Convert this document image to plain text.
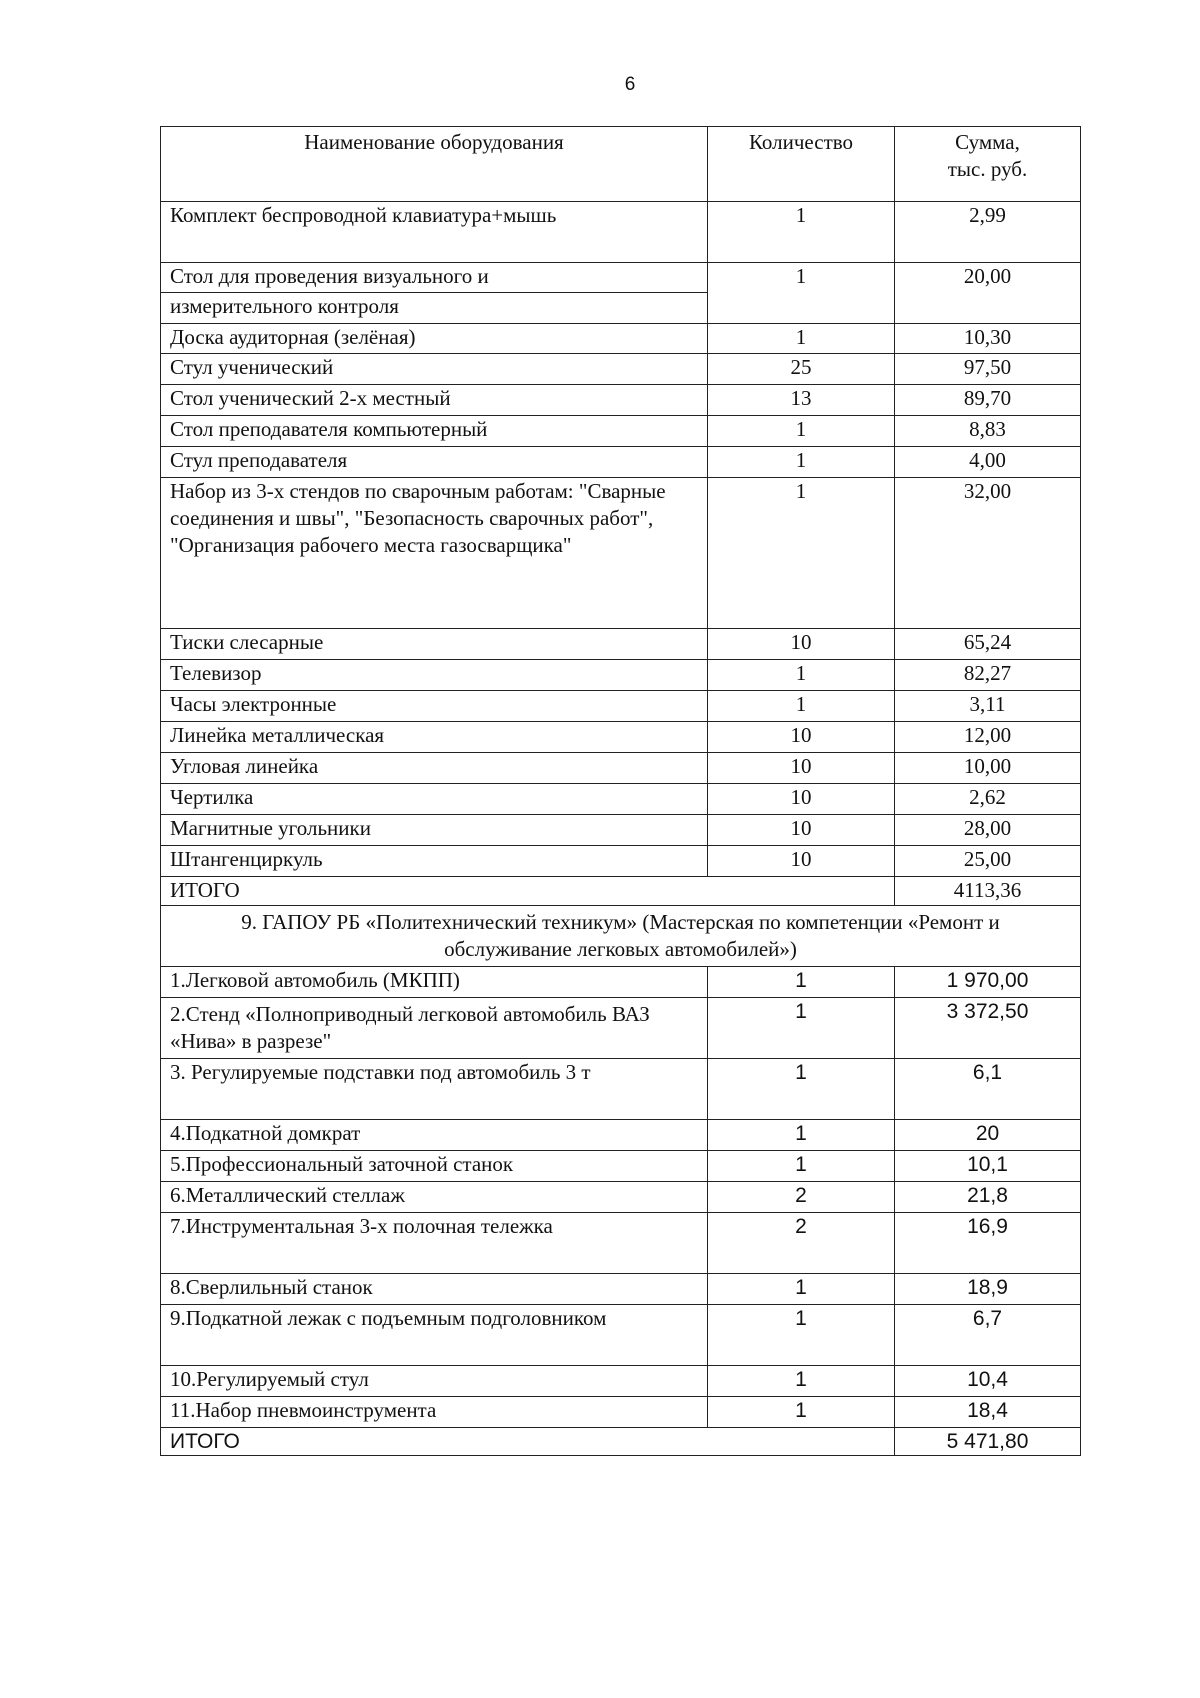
6
Наименование оборудования	Количество	Сумма,
тыс. руб.
Комплект беспроводной клавиатура+мышь	1	2,99
Стол для проведения визуального и	1	20,00
измерительного контроля		
Доска аудиторная (зелёная)	1	10,30
Стул ученический	25	97,50
Стол ученический 2-х местный	13	89,70
Стол преподавателя компьютерный	1	8,83
Стул преподавателя	1	4,00
Набор из 3-х стендов по сварочным работам: "Сварные соединения и швы", "Безопасность сварочных работ", "Организация рабочего места газосварщика"	1	32,00
Тиски слесарные	10	65,24
Телевизор	1	82,27
Часы электронные	1	3,11
Линейка металлическая	10	12,00
Угловая линейка	10	10,00
Чертилка	10	2,62
Магнитные угольники	10	28,00
Штангенциркуль	10	25,00
ИТОГО		4113,36
9. ГАПОУ РБ «Политехнический техникум» (Мастерская по компетенции «Ремонт и обслуживание легковых автомобилей»)		
1.Легковой автомобиль (МКПП)	1	1 970,00
2.Стенд «Полноприводный легковой автомобиль ВАЗ «Нива» в разрезе"	1	3 372,50
3. Регулируемые подставки под автомобиль 3 т	1	6,1
4.Подкатной домкрат	1	20
5.Профессиональный заточной станок	1	10,1
6.Металлический стеллаж	2	21,8
7.Инструментальная 3-х полочная тележка	2	16,9
8.Сверлильный станок	1	18,9
9.Подкатной лежак с подъемным подголовником	1	6,7
10.Регулируемый стул	1	10,4
11.Набор пневмоинструмента	1	18,4
ИТОГО		5 471,80
